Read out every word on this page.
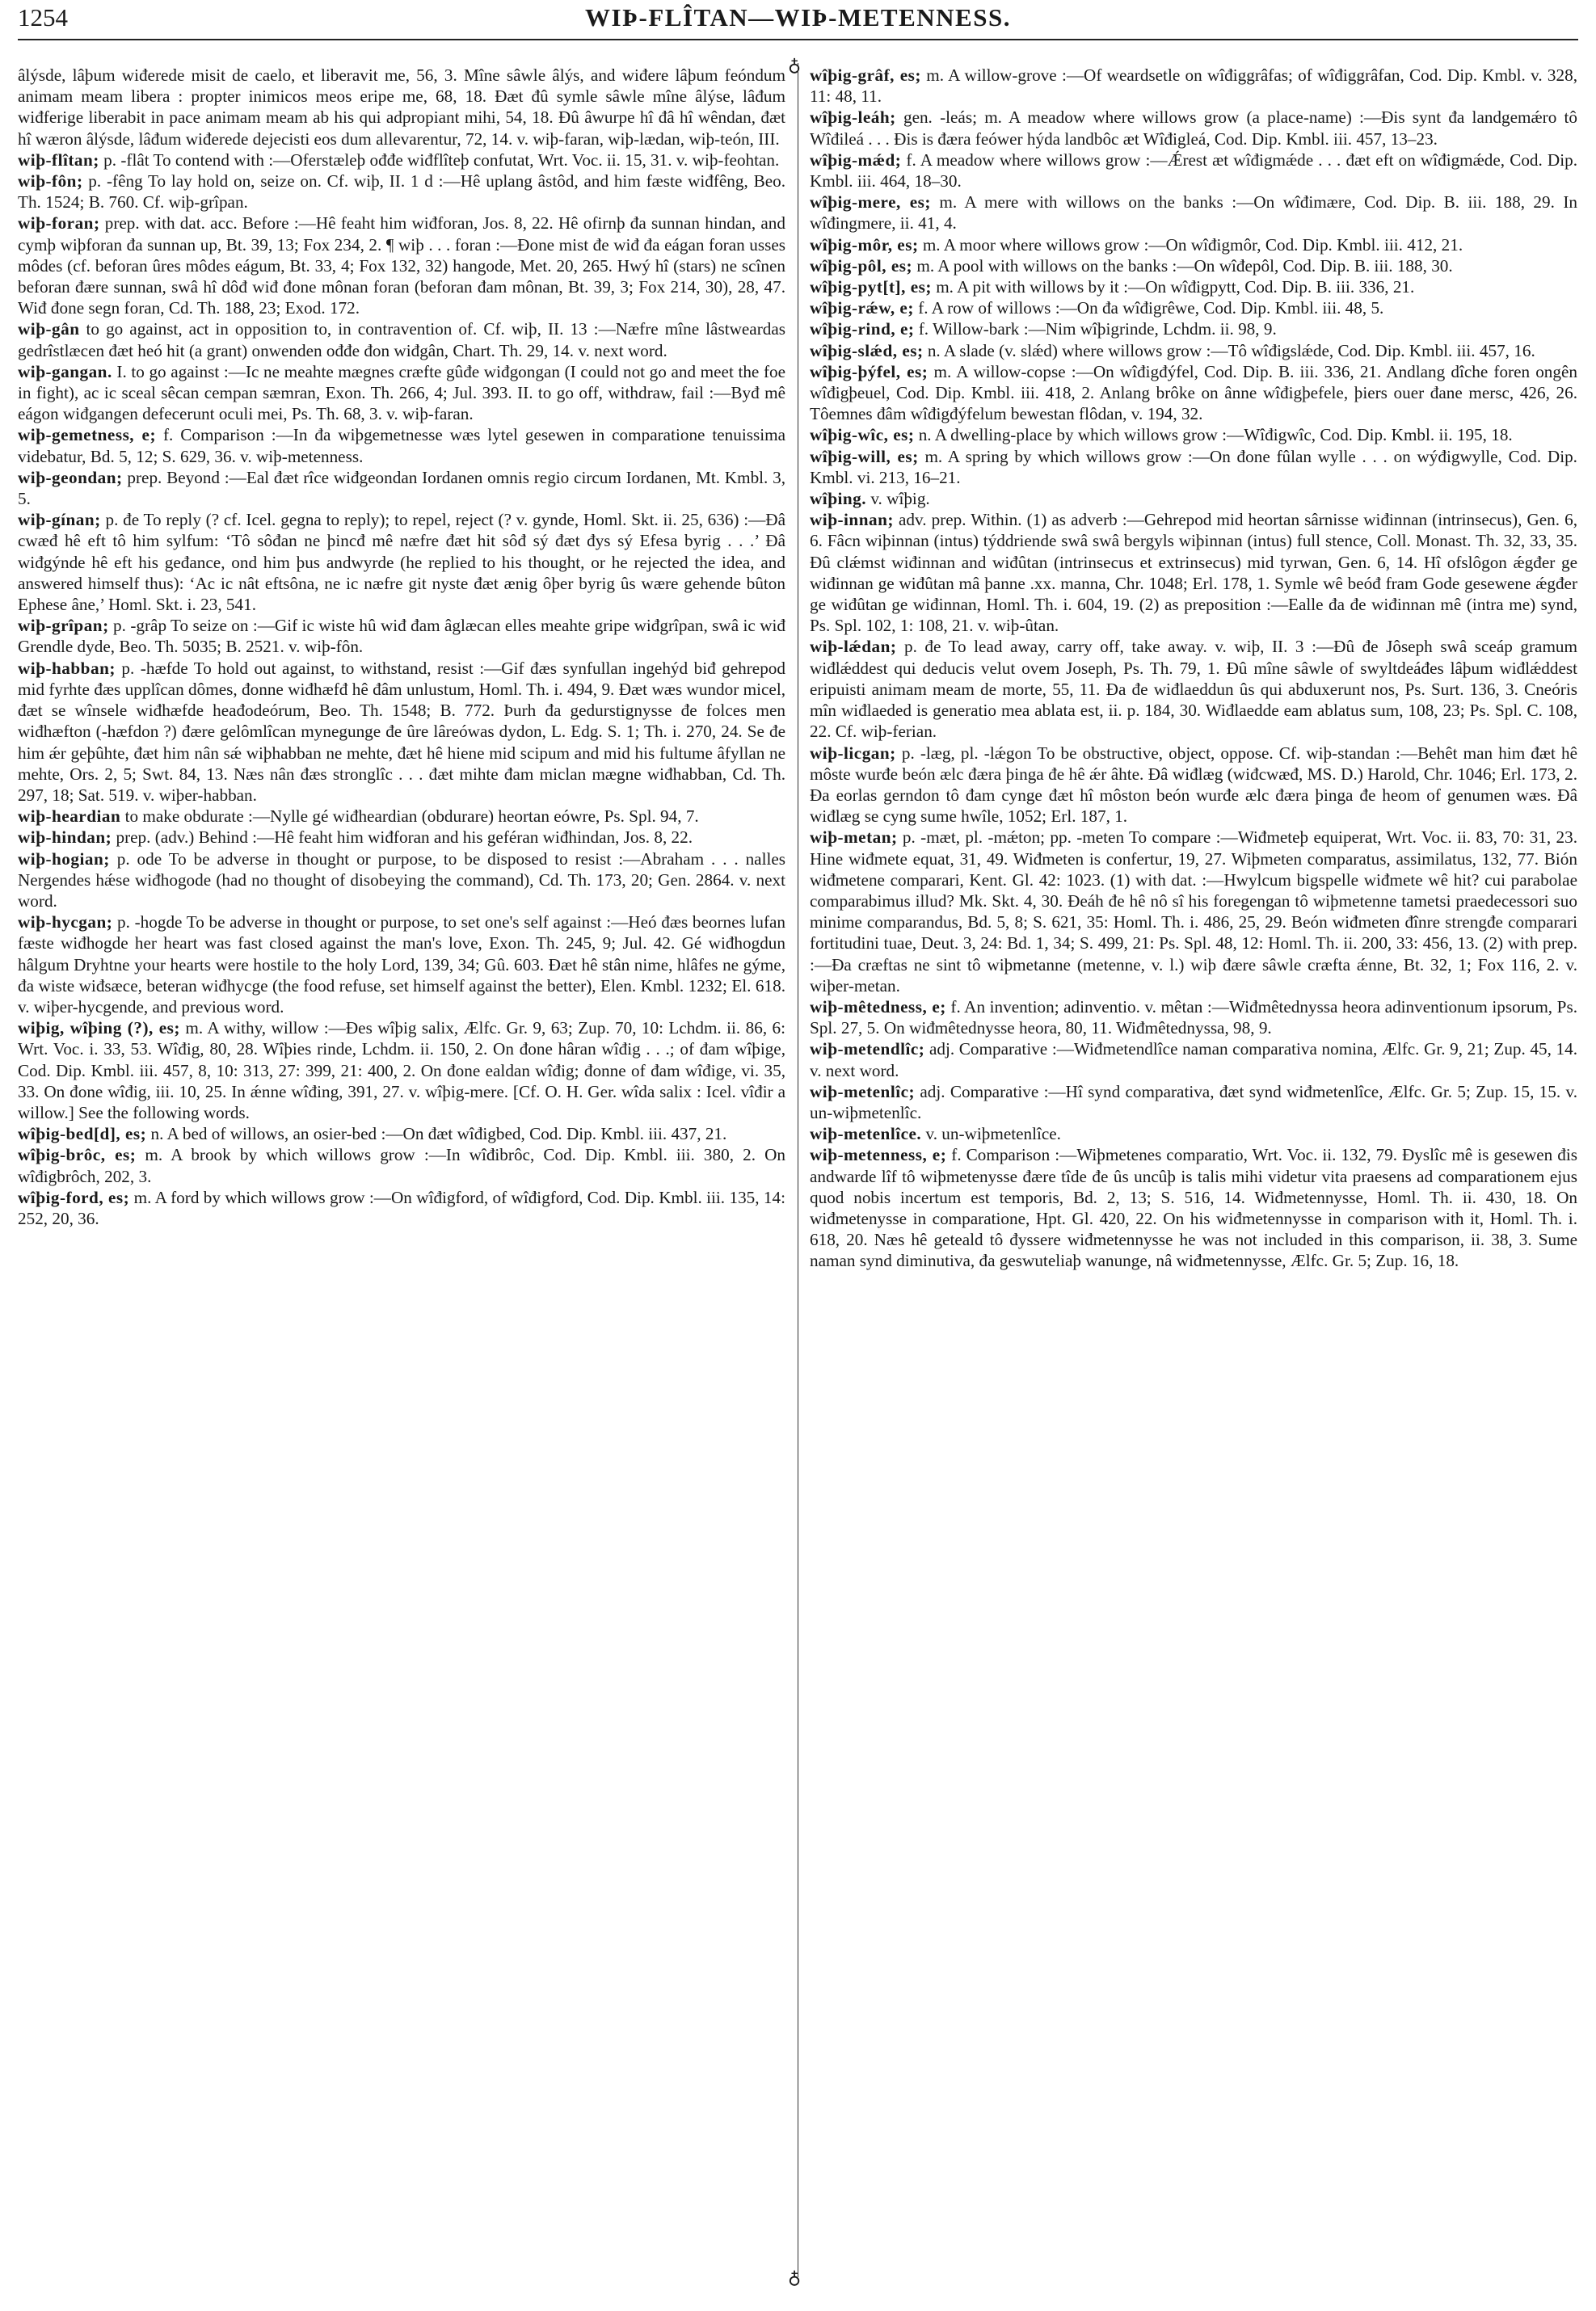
1254	WIÞ-FLÎTAN—WIÞ-METENNESS.
♁
♁

âlýsde, lâþum wiđerede misit de caelo, et liberavit me, 56, 3. Mîne sâwle âlýs, and wiđere lâþum feóndum animam meam libera : propter inimicos meos eripe me, 68, 18. Đæt đû symle sâwle mîne âlýse, lâđum wiđferige liberabit in pace animam meam ab his qui adpropiant mihi, 54, 18. Đû âwurpe hî đâ hî wêndan, đæt hî wæron âlýsde, lâđum wiđerede dejecisti eos dum allevarentur, 72, 14. v. wiþ-faran, wiþ-lædan, wiþ-teón, III.

wiþ-flîtan; p. -flât To contend with :—Oferstæleþ ođđe wiđflîteþ confutat, Wrt. Voc. ii. 15, 31. v. wiþ-feohtan.

wiþ-fôn; p. -fêng To lay hold on, seize on. Cf. wiþ, II. 1 d :—Hê uplang âstôd, and him fæste wiđfêng, Beo. Th. 1524; B. 760. Cf. wiþ-grîpan.

wiþ-foran; prep. with dat. acc. Before :—Hê feaht him wiđforan, Jos. 8, 22. Hê ofirnþ đa sunnan hindan, and cymþ wiþforan đa sunnan up, Bt. 39, 13; Fox 234, 2. ¶ wiþ . . . foran :—Đone mist đe wiđ đa eágan foran usses môdes (cf. beforan ûres môdes eágum, Bt. 33, 4; Fox 132, 32) hangode, Met. 20, 265. Hwý hî (stars) ne scînen beforan đære sunnan, swâ hî dôđ wiđ đone mônan foran (beforan đam mônan, Bt. 39, 3; Fox 214, 30), 28, 47. Wiđ đone segn foran, Cd. Th. 188, 23; Exod. 172.

wiþ-gân to go against, act in opposition to, in contravention of. Cf. wiþ, II. 13 :—Næfre mîne lâstweardas gedrîstlæcen đæt heó hit (a grant) onwenden ođđe đon wiđgân, Chart. Th. 29, 14. v. next word.

wiþ-gangan. I. to go against :—Ic ne meahte mægnes cræfte gûđe wiđgongan (I could not go and meet the foe in fight), ac ic sceal sêcan cempan sæmran, Exon. Th. 266, 4; Jul. 393. II. to go off, withdraw, fail :—Byđ mê eágon wiđgangen defecerunt oculi mei, Ps. Th. 68, 3. v. wiþ-faran.

wiþ-gemetness, e; f. Comparison :—In đa wiþgemetnesse wæs lytel gesewen in comparatione tenuissima videbatur, Bd. 5, 12; S. 629, 36. v. wiþ-metenness.

wiþ-geondan; prep. Beyond :—Eal đæt rîce wiđgeondan Iordanen omnis regio circum Iordanen, Mt. Kmbl. 3, 5.

wiþ-gínan; p. đe To reply (? cf. Icel. gegna to reply); to repel, reject (? v. gynde, Homl. Skt. ii. 25, 636) :—Đâ cwæđ hê eft tô him sylfum: ‘Tô sôđan ne þincđ mê næfre đæt hit sôđ sý đæt đys sý Efesa byrig . . .’ Đâ wiđgýnde hê eft his geđance, ond him þus andwyrde (he replied to his thought, or he rejected the idea, and answered himself thus): ‘Ac ic nât eftsôna, ne ic næfre git nyste đæt ænig ôþer byrig ûs wære gehende bûton Ephese âne,’ Homl. Skt. i. 23, 541.

wiþ-grîpan; p. -grâp To seize on :—Gif ic wiste hû wiđ đam âglæcan elles meahte gripe wiđgrîpan, swâ ic wiđ Grendle dyde, Beo. Th. 5035; B. 2521. v. wiþ-fôn.

wiþ-habban; p. -hæfde To hold out against, to withstand, resist :—Gif đæs synfullan ingehýd biđ gehrepod mid fyrhte đæs upplîcan dômes, đonne wiđhæfđ hê đâm unlustum, Homl. Th. i. 494, 9. Đæt wæs wundor micel, đæt se wînsele wiđhæfde heađodeórum, Beo. Th. 1548; B. 772. Þurh đa gedurstignysse đe folces men wiđhæfton (-hæfdon ?) đære gelômlîcan mynegunge đe ûre lâreówas dydon, L. Edg. S. 1; Th. i. 270, 24. Se đe him ǽr geþûhte, đæt him nân sǽ wiþhabban ne mehte, đæt hê hiene mid scipum and mid his fultume âfyllan ne mehte, Ors. 2, 5; Swt. 84, 13. Næs nân đæs stronglîc . . . đæt mihte đam miclan mægne wiđhabban, Cd. Th. 297, 18; Sat. 519. v. wiþer-habban.

wiþ-heardian to make obdurate :—Nylle gé wiđheardian (obdurare) heortan eówre, Ps. Spl. 94, 7.

wiþ-hindan; prep. (adv.) Behind :—Hê feaht him wiđforan and his geféran wiđhindan, Jos. 8, 22.

wiþ-hogian; p. ode To be adverse in thought or purpose, to be disposed to resist :—Abraham . . . nalles Nergendes hǽse wiđhogode (had no thought of disobeying the command), Cd. Th. 173, 20; Gen. 2864. v. next word.

wiþ-hycgan; p. -hogde To be adverse in thought or purpose, to set one's self against :—Heó đæs beornes lufan fæste wiđhogde her heart was fast closed against the man's love, Exon. Th. 245, 9; Jul. 42. Gé wiđhogdun hâlgum Dryhtne your hearts were hostile to the holy Lord, 139, 34; Gû. 603. Đæt hê stân nime, hlâfes ne gýme, đa wiste wiđsæce, beteran wiđhycge (the food refuse, set himself against the better), Elen. Kmbl. 1232; El. 618. v. wiþer-hycgende, and previous word.

wiþig, wîþing (?), es; m. A withy, willow :—Đes wîþig salix, Ælfc. Gr. 9, 63; Zup. 70, 10: Lchdm. ii. 86, 6: Wrt. Voc. i. 33, 53. Wîđig, 80, 28. Wîþies rinde, Lchdm. ii. 150, 2. On đone hâran wîđig . . .; of đam wîþige, Cod. Dip. Kmbl. iii. 457, 8, 10: 313, 27: 399, 21: 400, 2. On đone ealdan wîđig; đonne of đam wîđige, vi. 35, 33. On đone wîđig, iii. 10, 25. In ǽnne wîđing, 391, 27. v. wîþig-mere. [Cf. O. H. Ger. wîda salix : Icel. vîđir a willow.] See the following words.

wîþig-bed[d], es; n. A bed of willows, an osier-bed :—On đæt wîđigbed, Cod. Dip. Kmbl. iii. 437, 21.

wîþig-brôc, es; m. A brook by which willows grow :—In wîđibrôc, Cod. Dip. Kmbl. iii. 380, 2. On wîđigbrôch, 202, 3.

wîþig-ford, es; m. A ford by which willows grow :—On wîđigford, of wîđigford, Cod. Dip. Kmbl. iii. 135, 14: 252, 20, 36.

wîþig-grâf, es; m. A willow-grove :—Of weardsetle on wîđiggrâfas; of wîđiggrâfan, Cod. Dip. Kmbl. v. 328, 11: 48, 11.

wîþig-leáh; gen. -leás; m. A meadow where willows grow (a place-name) :—Đis synt đa landgemǽro tô Wîđileá . . . Đis is đæra feówer hýda landbôc æt Wîđigleá, Cod. Dip. Kmbl. iii. 457, 13–23.

wîþig-mǽd; f. A meadow where willows grow :—Ǽrest æt wîđigmǽde . . . đæt eft on wîđigmǽde, Cod. Dip. Kmbl. iii. 464, 18–30.

wîþig-mere, es; m. A mere with willows on the banks :—On wîđimære, Cod. Dip. B. iii. 188, 29. In wîđingmere, ii. 41, 4.

wîþig-môr, es; m. A moor where willows grow :—On wîđigmôr, Cod. Dip. Kmbl. iii. 412, 21.

wîþig-pôl, es; m. A pool with willows on the banks :—On wîđepôl, Cod. Dip. B. iii. 188, 30.

wîþig-pyt[t], es; m. A pit with willows by it :—On wîđigpytt, Cod. Dip. B. iii. 336, 21.

wîþig-rǽw, e; f. A row of willows :—On đa wîđigrêwe, Cod. Dip. Kmbl. iii. 48, 5.

wîþig-rind, e; f. Willow-bark :—Nim wîþigrinde, Lchdm. ii. 98, 9.

wîþig-slǽd, es; n. A slade (v. slǽd) where willows grow :—Tô wîđigslǽde, Cod. Dip. Kmbl. iii. 457, 16.

wîþig-þýfel, es; m. A willow-copse :—On wîđigđýfel, Cod. Dip. B. iii. 336, 21. Andlang dîche foren ongên wîđigþeuel, Cod. Dip. Kmbl. iii. 418, 2. Anlang brôke on ânne wîđigþefele, þiers ouer đane mersc, 426, 26. Tôemnes đâm wîđigđýfelum bewestan flôdan, v. 194, 32.

wîþig-wîc, es; n. A dwelling-place by which willows grow :—Wîđigwîc, Cod. Dip. Kmbl. ii. 195, 18.

wîþig-will, es; m. A spring by which willows grow :—On đone fûlan wylle . . . on wýđigwylle, Cod. Dip. Kmbl. vi. 213, 16–21.

wîþing. v. wîþig.

wiþ-innan; adv. prep. Within. (1) as adverb :—Gehrepod mid heortan sârnisse wiđinnan (intrinsecus), Gen. 6, 6. Fâcn wiþinnan (intus) týddriende swâ swâ bergyls wiþinnan (intus) full stence, Coll. Monast. Th. 32, 33, 35. Đû clǽmst wiđinnan and wiđûtan (intrinsecus et extrinsecus) mid tyrwan, Gen. 6, 14. Hî ofslôgon ǽgđer ge wiđinnan ge wiđûtan mâ þanne .xx. manna, Chr. 1048; Erl. 178, 1. Symle wê beóđ fram Gode gesewene ǽgđer ge wiđûtan ge wiđinnan, Homl. Th. i. 604, 19. (2) as preposition :—Ealle đa đe wiđinnan mê (intra me) synd, Ps. Spl. 102, 1: 108, 21. v. wiþ-ûtan.

wiþ-lǽdan; p. đe To lead away, carry off, take away. v. wiþ, II. 3 :—Đû đe Jôseph swâ sceáp gramum wiđlǽddest qui deducis velut ovem Joseph, Ps. Th. 79, 1. Đû mîne sâwle of swyltdeáđes lâþum wiđlǽddest eripuisti animam meam de morte, 55, 11. Đa đe wiđlaeddun ûs qui abduxerunt nos, Ps. Surt. 136, 3. Cneóris mîn wiđlaeded is generatio mea ablata est, ii. p. 184, 30. Wiđlaedde eam ablatus sum, 108, 23; Ps. Spl. C. 108, 22. Cf. wiþ-ferian.

wiþ-licgan; p. -læg, pl. -lǽgon To be obstructive, object, oppose. Cf. wiþ-standan :—Behêt man him đæt hê môste wurđe beón ælc đæra þinga đe hê ǽr âhte. Đâ wiđlæg (wiđcwæđ, MS. D.) Harold, Chr. 1046; Erl. 173, 2. Đa eorlas gerndon tô đam cynge đæt hî môston beón wurđe ælc đæra þinga đe heom of genumen wæs. Đâ wiđlæg se cyng sume hwîle, 1052; Erl. 187, 1.

wiþ-metan; p. -mæt, pl. -mǽton; pp. -meten To compare :—Wiđmeteþ equiperat, Wrt. Voc. ii. 83, 70: 31, 23. Hine wiđmete equat, 31, 49. Wiđmeten is confertur, 19, 27. Wiþmeten comparatus, assimilatus, 132, 77. Bión wiđmetene comparari, Kent. Gl. 42: 1023. (1) with dat. :—Hwylcum bigspelle wiđmete wê hit? cui parabolae comparabimus illud? Mk. Skt. 4, 30. Đeáh đe hê nô sî his foregengan tô wiþmetenne tametsi praedecessori suo minime comparandus, Bd. 5, 8; S. 621, 35: Homl. Th. i. 486, 25, 29. Beón wiđmeten đînre strengđe comparari fortitudini tuae, Deut. 3, 24: Bd. 1, 34; S. 499, 21: Ps. Spl. 48, 12: Homl. Th. ii. 200, 33: 456, 13. (2) with prep. :—Đa cræftas ne sint tô wiþmetanne (metenne, v. l.) wiþ đære sâwle cræfta ǽnne, Bt. 32, 1; Fox 116, 2. v. wiþer-metan.

wiþ-mêtedness, e; f. An invention; adinventio. v. mêtan :—Wiđmêtednyssa heora adinventionum ipsorum, Ps. Spl. 27, 5. On wiđmêtednysse heora, 80, 11. Wiđmêtednyssa, 98, 9.

wiþ-metendlîc; adj. Comparative :—Wiđmetendlîce naman comparativa nomina, Ælfc. Gr. 9, 21; Zup. 45, 14. v. next word.

wiþ-metenlîc; adj. Comparative :—Hî synd comparativa, đæt synd wiđmetenlîce, Ælfc. Gr. 5; Zup. 15, 15. v. un-wiþmetenlîc.

wiþ-metenlîce. v. un-wiþmetenlîce.

wiþ-metenness, e; f. Comparison :—Wiþmetenes comparatio, Wrt. Voc. ii. 132, 79. Đyslîc mê is gesewen đis andwarde lîf tô wiþmetenysse đære tîde đe ûs uncûþ is talis mihi videtur vita praesens ad comparationem ejus quod nobis incertum est temporis, Bd. 2, 13; S. 516, 14. Wiđmetennysse, Homl. Th. ii. 430, 18. On wiđmetenysse in comparatione, Hpt. Gl. 420, 22. On his wiđmetennysse in comparison with it, Homl. Th. i. 618, 20. Næs hê geteald tô đyssere wiđmetennysse he was not included in this comparison, ii. 38, 3. Sume naman synd diminutiva, đa geswuteliaþ wanunge, nâ wiđmetennysse, Ælfc. Gr. 5; Zup. 16, 18.
